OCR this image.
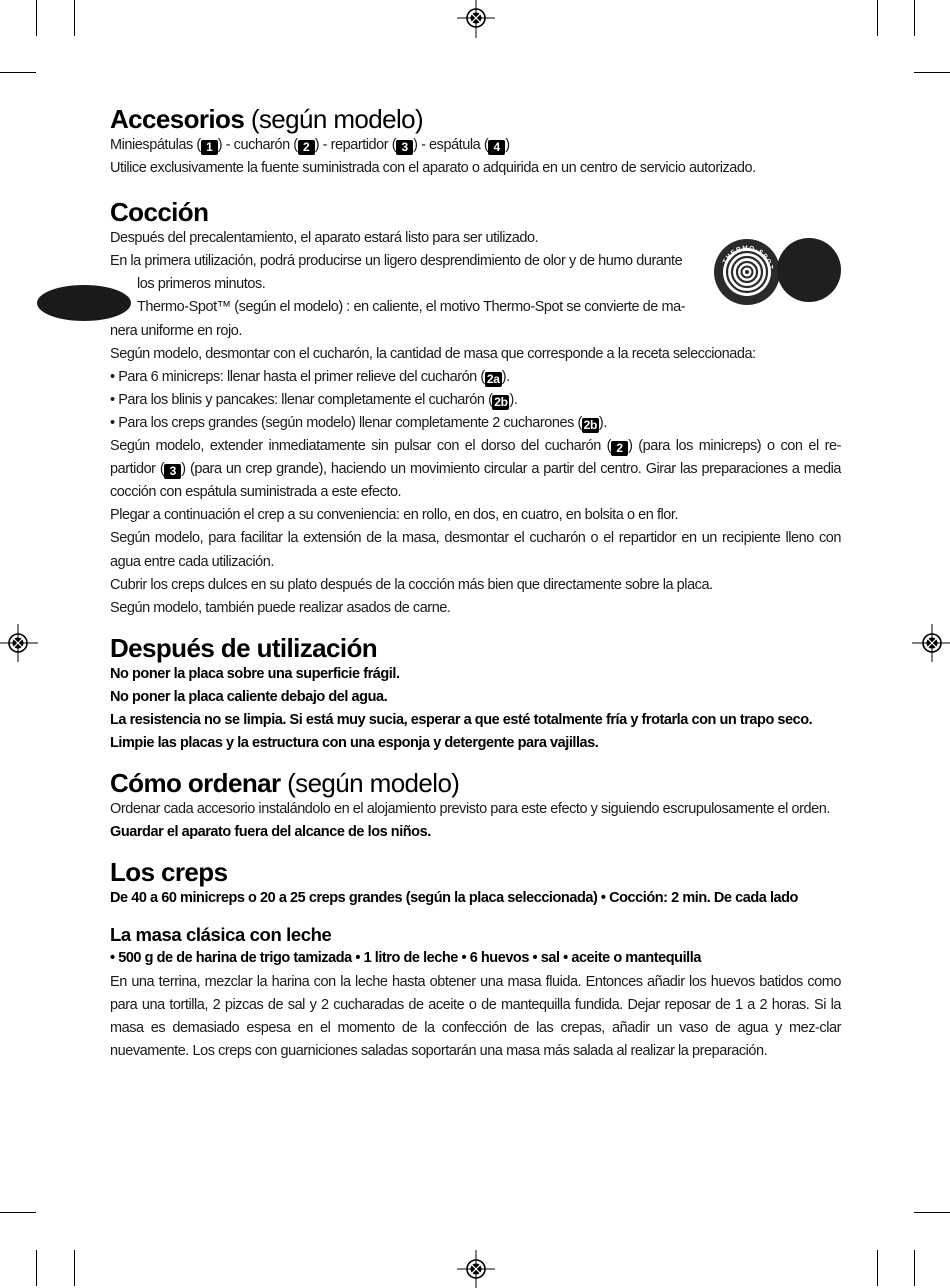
THERMO-SPOT
Accesorios (según modelo)

Miniespátulas ( 1 ) - cucharón ( 2 ) - repartidor ( 3 ) - espátula ( 4 )

Utilice exclusivamente la fuente suministrada con el aparato o adquirida en un centro de servicio autorizado.

Cocción

Después del precalentamiento, el aparato estará listo para ser utilizado.

En la primera utilización, podrá producirse un ligero desprendimiento de olor y de humo durante

los primeros minutos.

Thermo-Spot™ (según el modelo) : en caliente, el motivo Thermo-Spot se convierte de ma-

nera uniforme en rojo.

Según modelo, desmontar con el cucharón, la cantidad de masa que corresponde a la receta seleccionada:

• Para 6 minicreps: llenar hasta el primer relieve del cucharón ( 2a ).

• Para los blinis y pancakes: llenar completamente el cucharón ( 2b ).

• Para los creps grandes (según modelo) llenar completamente 2 cucharones ( 2b ).

Según modelo, extender inmediatamente sin pulsar con el dorso del cucharón ( 2 ) (para los minicreps) o con el re-partidor ( 3 ) (para un crep grande), haciendo un movimiento circular a partir del centro. Girar las preparaciones a media cocción con espátula suministrada a este efecto.

Plegar a continuación el crep a su conveniencia: en rollo, en dos, en cuatro, en bolsita o en flor.

Según modelo, para facilitar la extensión de la masa, desmontar el cucharón o el repartidor en un recipiente lleno con agua entre cada utilización.

Cubrir los creps dulces en su plato después de la cocción más bien que directamente sobre la placa.

Según modelo, también puede realizar asados de carne.

Después de utilización

No poner la placa sobre una superficie frágil.

No poner la placa caliente debajo del agua.

La resistencia no se limpia. Si está muy sucia, esperar a que esté totalmente fría y frotarla con un trapo seco.

Limpie las placas y la estructura con una esponja y detergente para vajillas.

Cómo ordenar (según modelo)

Ordenar cada accesorio instalándolo en el alojamiento previsto para este efecto y siguiendo escrupulosamente el orden.

Guardar el aparato fuera del alcance de los niños.

Los creps

De 40 a 60 minicreps o 20 a 25 creps grandes (según la placa seleccionada) • Cocción: 2 min. De cada lado

La masa clásica con leche

• 500 g de de harina de trigo tamizada • 1 litro de leche • 6 huevos • sal • aceite o mantequilla

En una terrina, mezclar la harina con la leche hasta obtener una masa fluida. Entonces añadir los huevos batidos como para una tortilla, 2 pizcas de sal y 2 cucharadas de aceite o de mantequilla fundida. Dejar reposar de 1 a 2 horas. Si la masa es demasiado espesa en el momento de la confección de las crepas, añadir un vaso de agua y mez-clar nuevamente. Los creps con guarniciones saladas soportarán una masa más salada al realizar la preparación.
